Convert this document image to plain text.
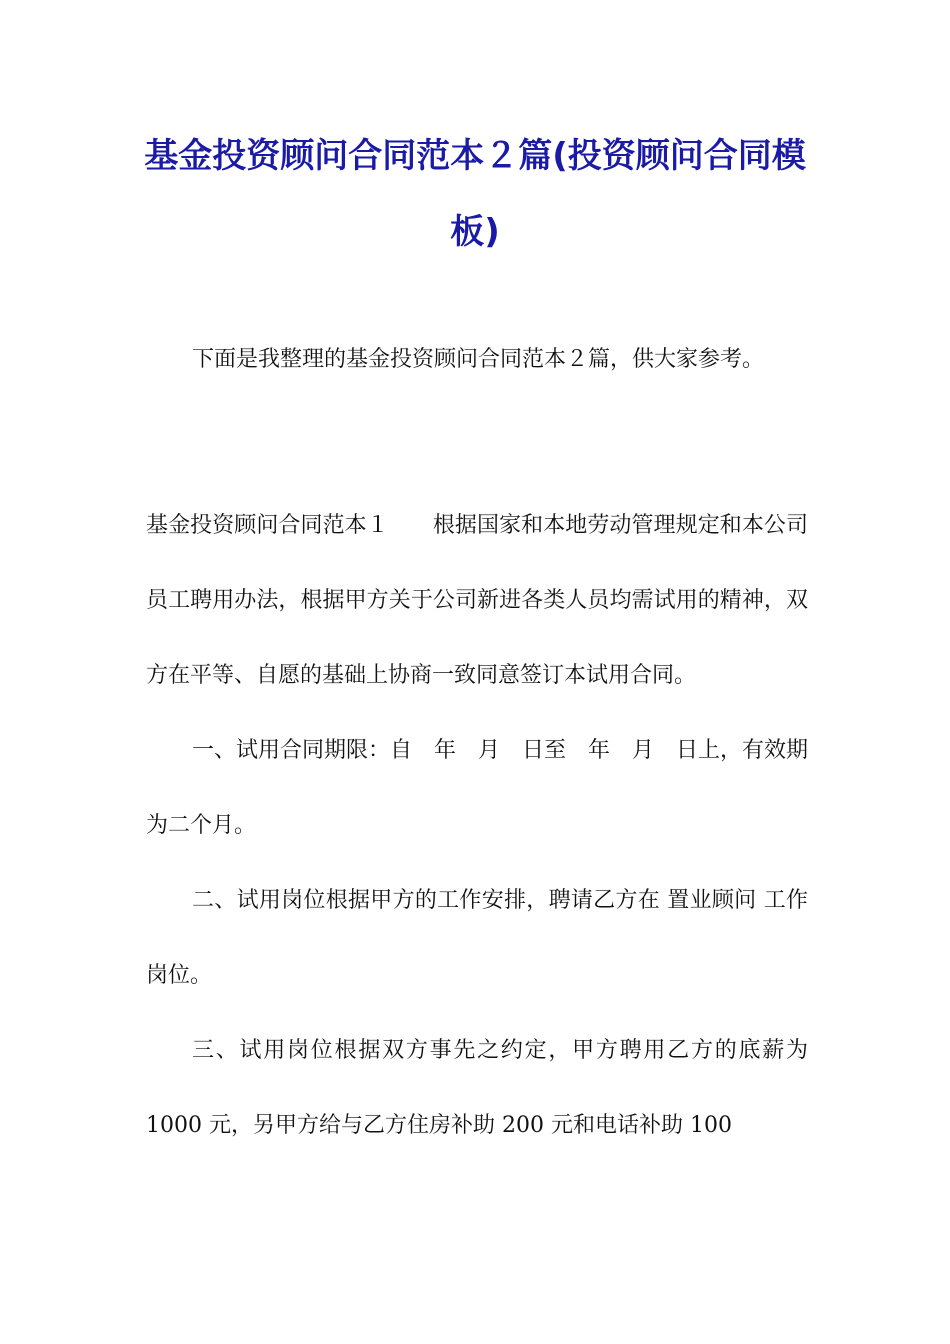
基金投资顾问合同范本２篇(投资顾问合同模板)

下面是我整理的基金投资顾问合同范本２篇，供大家参考。

基金投资顾问合同范本１ 根据国家和本地劳动管理规定和本公司员工聘用办法，根据甲方关于公司新进各类人员均需试用的精神，双方在平等、自愿的基础上协商一致同意签订本试用合同。

一、试用合同期限：自　年　月　日至　年　月　日上，有效期为二个月。

二、试用岗位根据甲方的工作安排，聘请乙方在 置业顾问 工作岗位。

三、试用岗位根据双方事先之约定，甲方聘用乙方的底薪为 1000 元，另甲方给与乙方住房补助 200 元和电话补助 100
